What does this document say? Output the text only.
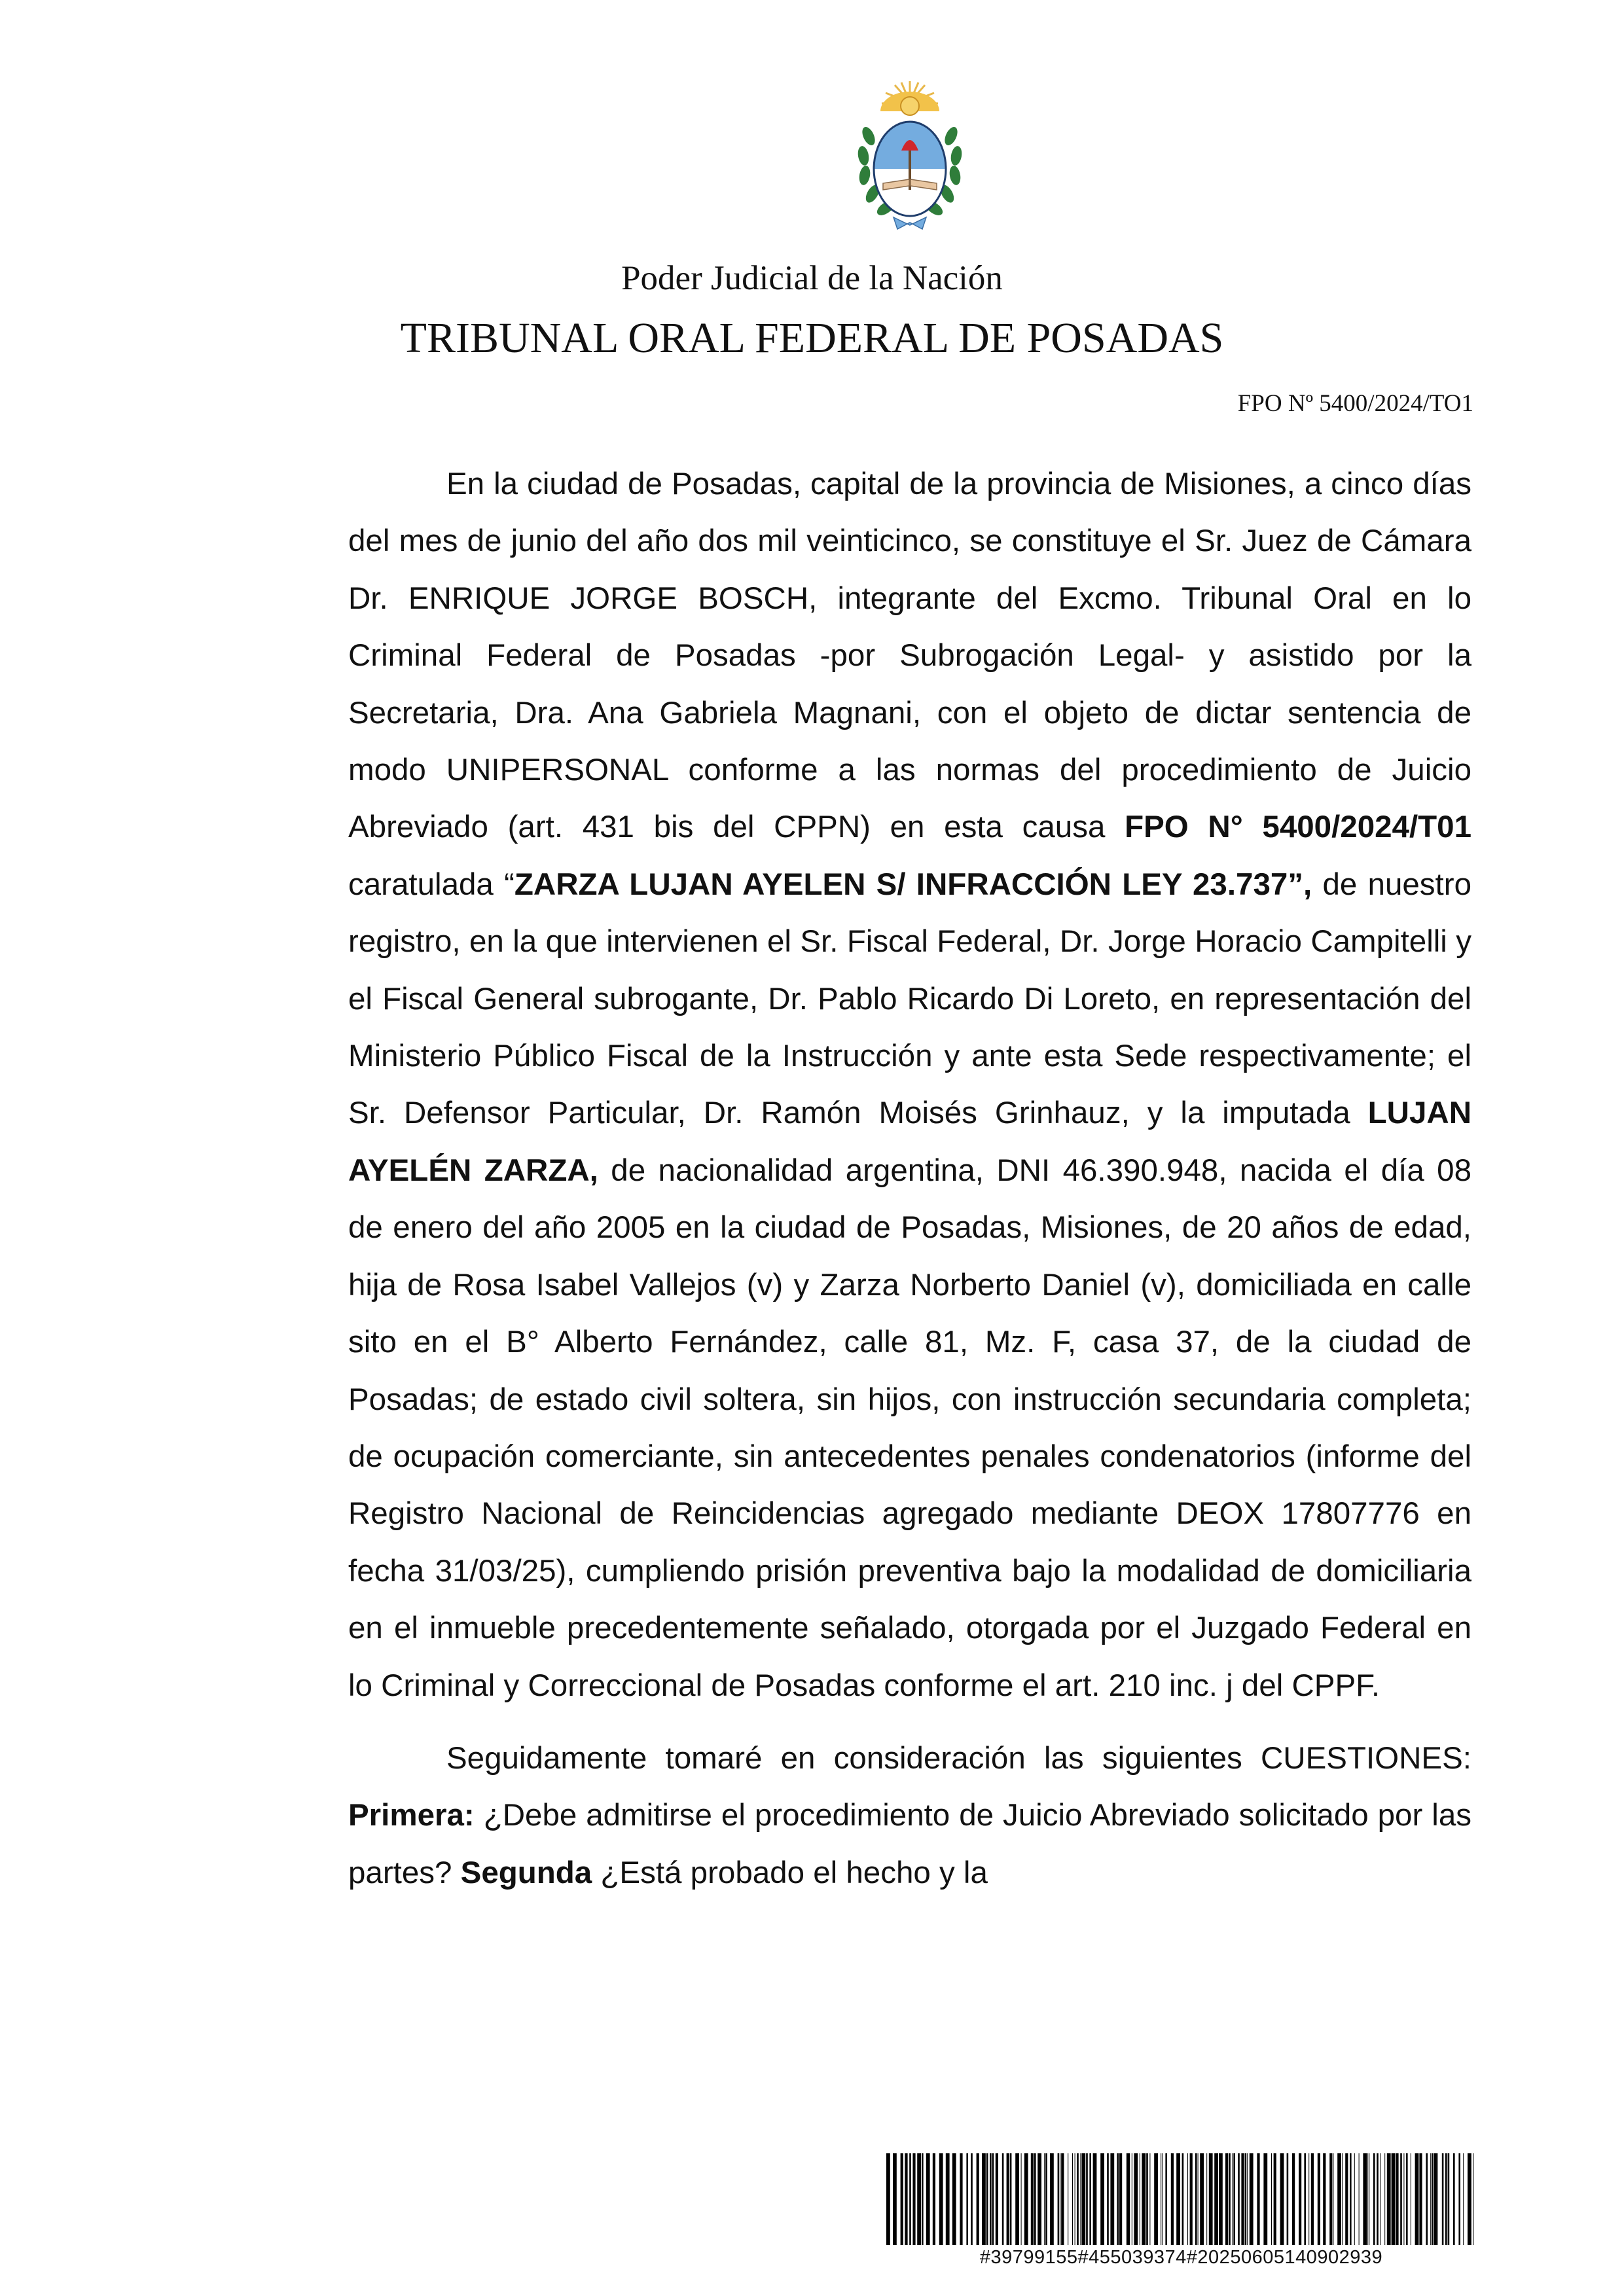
Poder Judicial de la Nación
TRIBUNAL ORAL FEDERAL DE POSADAS
FPO Nº 5400/2024/TO1

En la ciudad de Posadas, capital de la provincia de Misiones, a cinco días del mes de junio del año dos mil veinticinco, se constituye el Sr. Juez de Cámara Dr. ENRIQUE JORGE BOSCH, integrante del Excmo. Tribunal Oral en lo Criminal Federal de Posadas -por Subrogación Legal- y asistido por la Secretaria, Dra. Ana Gabriela Magnani, con el objeto de dictar sentencia de modo UNIPERSONAL conforme a las normas del procedimiento de Juicio Abreviado (art. 431 bis del CPPN) en esta causa FPO N° 5400/2024/T01 caratulada “ZARZA LUJAN AYELEN S/ INFRACCIÓN LEY 23.737”, de nuestro registro, en la que intervienen el Sr. Fiscal Federal, Dr. Jorge Horacio Campitelli y el Fiscal General subrogante, Dr. Pablo Ricardo Di Loreto, en representación del Ministerio Público Fiscal de la Instrucción y ante esta Sede respectivamente; el Sr. Defensor Particular, Dr. Ramón Moisés Grinhauz, y la imputada LUJAN AYELÉN ZARZA, de nacionalidad argentina, DNI 46.390.948, nacida el día 08 de enero del año 2005 en la ciudad de Posadas, Misiones, de 20 años de edad, hija de Rosa Isabel Vallejos (v) y Zarza Norberto Daniel (v), domiciliada en calle sito en el B° Alberto Fernández, calle 81, Mz. F, casa 37, de la ciudad de Posadas; de estado civil soltera, sin hijos, con instrucción secundaria completa; de ocupación comerciante, sin antecedentes penales condenatorios (informe del Registro Nacional de Reincidencias agregado mediante DEOX 17807776 en fecha 31/03/25), cumpliendo prisión preventiva bajo la modalidad de domiciliaria en el inmueble precedentemente señalado, otorgada por el Juzgado Federal en lo Criminal y Correccional de Posadas conforme el art. 210 inc. j del CPPF.

Seguidamente tomaré en consideración las siguientes CUESTIONES: Primera: ¿Debe admitirse el procedimiento de Juicio Abreviado solicitado por las partes? Segunda ¿Está probado el hecho y la

#39799155#455039374#20250605140902939
